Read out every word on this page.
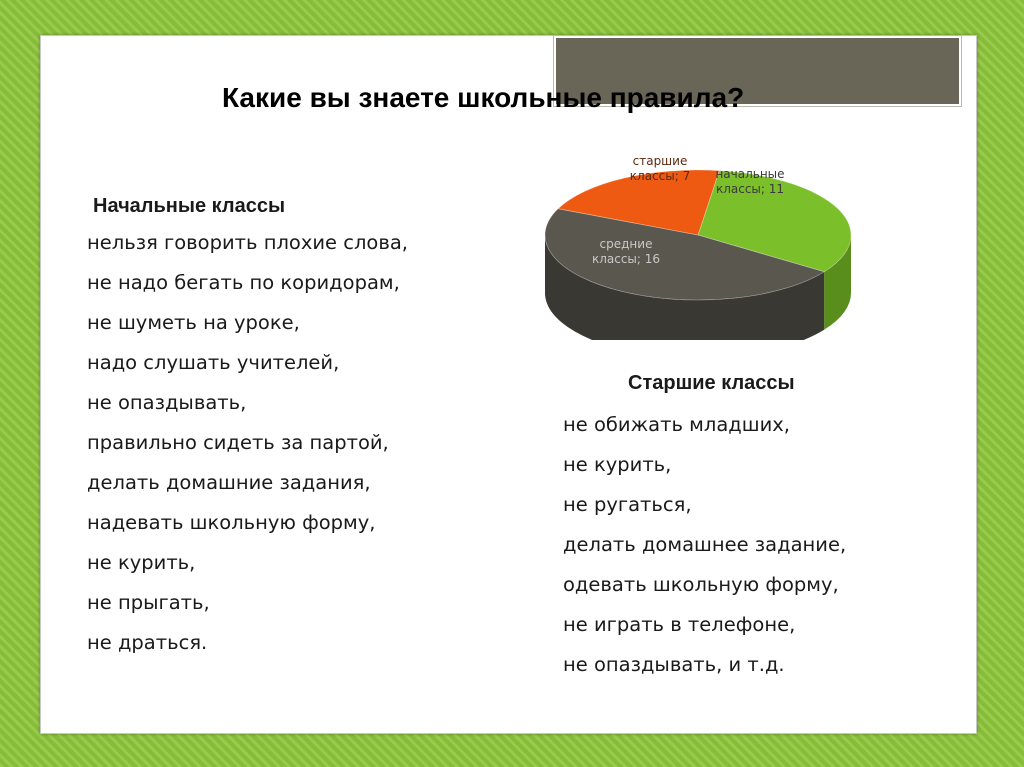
Какие вы знаете школьные правила?
Начальные классы
нельзя говорить плохие слова,
не надо бегать по коридорам,
не шуметь на уроке,
надо слушать учителей,
не опаздывать,
правильно сидеть за партой,
делать домашние задания,
надевать школьную форму,
не курить,
не прыгать,
не драться.
Старшие классы
не обижать младших,
не курить,
не ругаться,
делать домашнее задание,
одевать школьную форму,
не играть в телефоне,
не опаздывать, и т.д.
начальные классы; 11
средние классы; 16
старшие классы; 7
